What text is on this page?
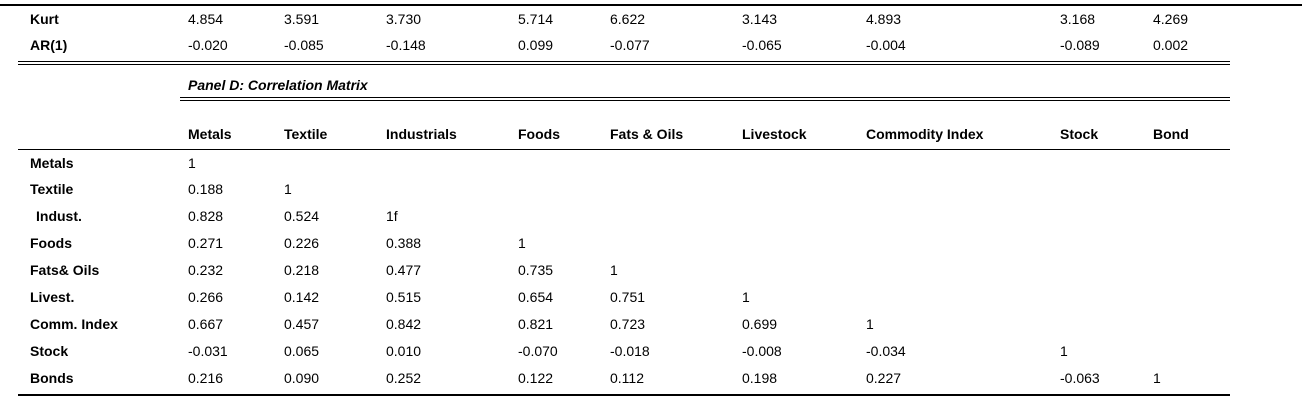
Kurt	4.854	3.591	3.730	5.714	6.622	3.143	4.893	3.168	4.269
AR(1)	-0.020	-0.085	-0.148	0.099	-0.077	-0.065	-0.004	-0.089	0.002
Panel D: Correlation Matrix
Metals	Textile	Industrials	Foods	Fats & Oils	Livestock	Commodity Index	Stock	Bond
Metals	1
Textile	0.188	1
Indust.	0.828	0.524	1f
Foods	0.271	0.226	0.388	1
Fats& Oils	0.232	0.218	0.477	0.735	1
Livest.	0.266	0.142	0.515	0.654	0.751	1
Comm. Index	0.667	0.457	0.842	0.821	0.723	0.699	1
Stock	-0.031	0.065	0.010	-0.070	-0.018	-0.008	-0.034	1
Bonds	0.216	0.090	0.252	0.122	0.112	0.198	0.227	-0.063	1
